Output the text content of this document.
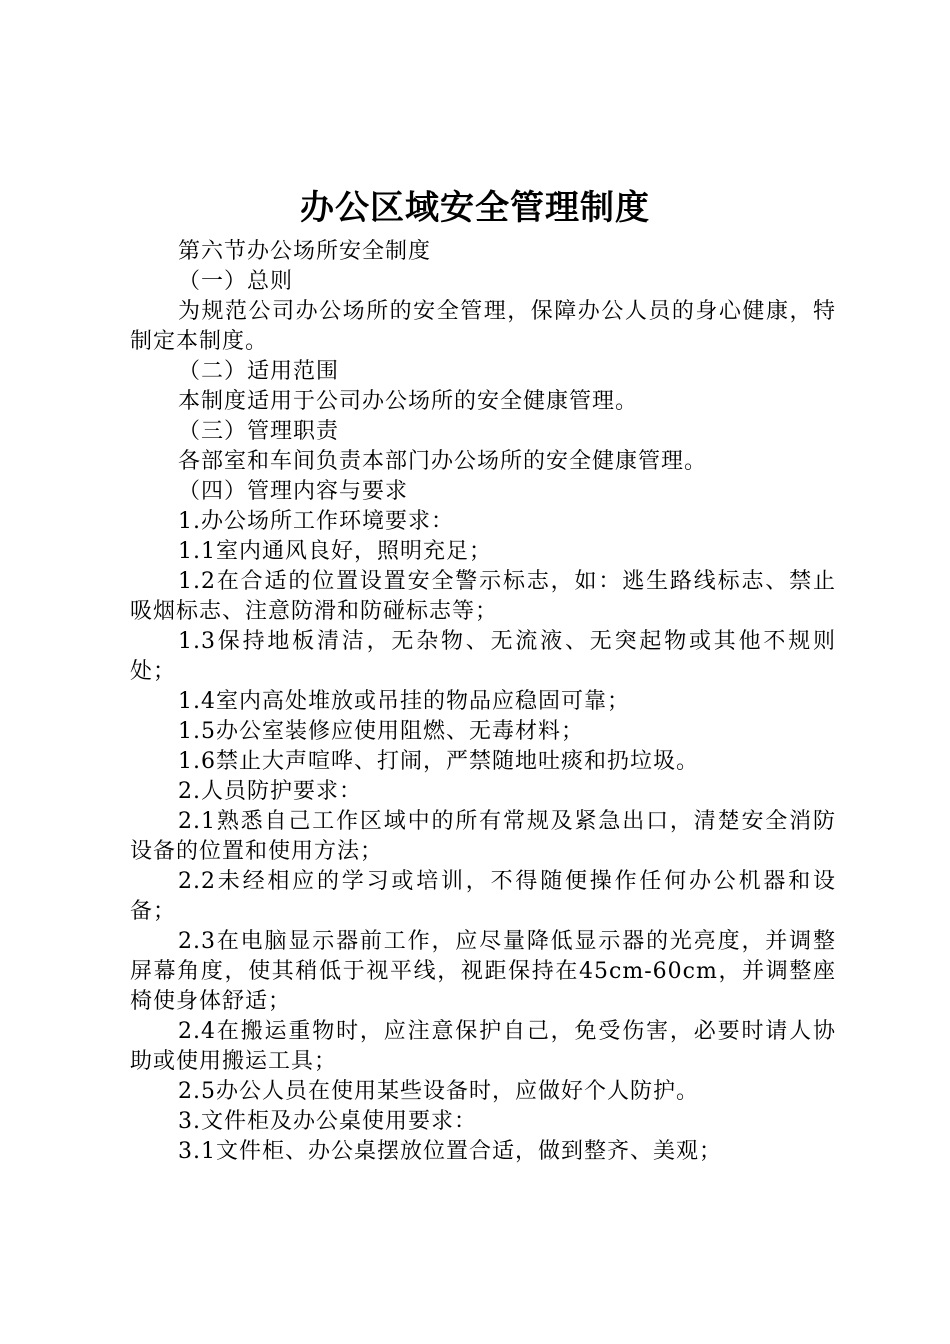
办公区域安全管理制度

第六节办公场所安全制度

（一）总则

为规范公司办公场所的安全管理，保障办公人员的身心健康，特制定本制度。

（二）适用范围

本制度适用于公司办公场所的安全健康管理。

（三）管理职责

各部室和车间负责本部门办公场所的安全健康管理。

（四）管理内容与要求

1.办公场所工作环境要求：

1.1室内通风良好，照明充足；

1.2在合适的位置设置安全警示标志，如：逃生路线标志、禁止吸烟标志、注意防滑和防碰标志等；

1.3保持地板清洁，无杂物、无流液、无突起物或其他不规则处；

1.4室内高处堆放或吊挂的物品应稳固可靠；

1.5办公室装修应使用阻燃、无毒材料；

1.6禁止大声喧哗、打闹，严禁随地吐痰和扔垃圾。

2.人员防护要求：

2.1熟悉自己工作区域中的所有常规及紧急出口，清楚安全消防设备的位置和使用方法；

2.2未经相应的学习或培训，不得随便操作任何办公机器和设备；

2.3在电脑显示器前工作，应尽量降低显示器的光亮度，并调整屏幕角度，使其稍低于视平线，视距保持在45cm-60cm，并调整座椅使身体舒适；

2.4在搬运重物时，应注意保护自己，免受伤害，必要时请人协助或使用搬运工具；

2.5办公人员在使用某些设备时，应做好个人防护。

3.文件柜及办公桌使用要求：

3.1文件柜、办公桌摆放位置合适，做到整齐、美观；
